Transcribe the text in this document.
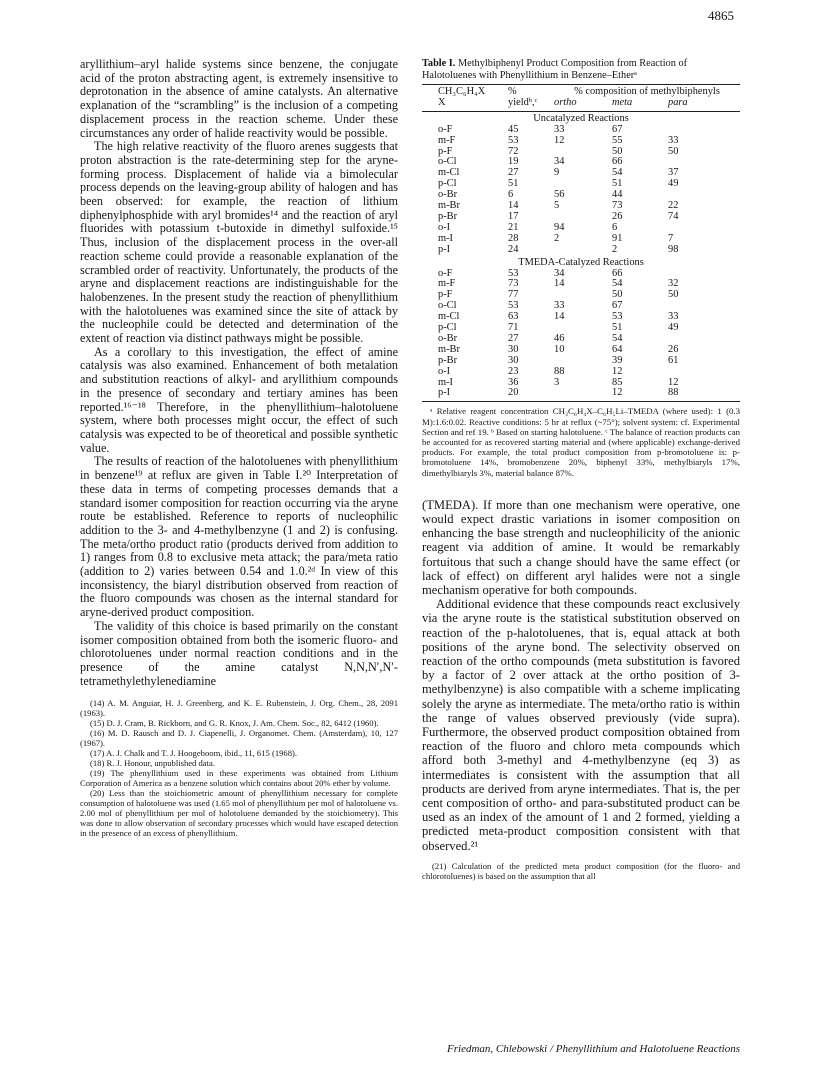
4865

aryllithium–aryl halide systems since benzene, the conjugate acid of the proton abstracting agent, is extremely insensitive to deprotonation in the absence of amine catalysts. An alternative explanation of the “scrambling” is the inclusion of a competing displacement process in the reaction scheme. Under these circumstances any order of halide reactivity would be possible.

The high relative reactivity of the fluoro arenes suggests that proton abstraction is the rate-determining step for the aryne-forming process. Displacement of halide via a bimolecular process depends on the leaving-group ability of halogen and has been observed: for example, the reaction of lithium diphenylphosphide with aryl bromides¹⁴ and the reaction of aryl fluorides with potassium t-butoxide in dimethyl sulfoxide.¹⁵ Thus, inclusion of the displacement process in the over-all reaction scheme could provide a reasonable explanation of the scrambled order of reactivity. Unfortunately, the products of the aryne and displacement reactions are indistinguishable for the halobenzenes. In the present study the reaction of phenyllithium with the halotoluenes was examined since the site of attack by the nucleophile could be detected and determination of the extent of reaction via distinct pathways might be possible.

As a corollary to this investigation, the effect of amine catalysis was also examined. Enhancement of both metalation and substitution reactions of alkyl- and aryllithium compounds in the presence of secondary and tertiary amines has been reported.¹⁶⁻¹⁸ Therefore, in the phenyllithium–halotoluene system, where both processes might occur, the effect of such catalysis was expected to be of theoretical and possible synthetic value.

The results of reaction of the halotoluenes with phenyllithium in benzene¹⁹ at reflux are given in Table I.²⁰ Interpretation of these data in terms of competing processes demands that a standard isomer composition for reaction occurring via the aryne route be established. Reference to reports of nucleophilic addition to the 3- and 4-methylbenzyne (1 and 2) is confusing. The meta/ortho product ratio (products derived from addition to 1) ranges from 0.8 to exclusive meta attack; the para/meta ratio (addition to 2) varies between 0.54 and 1.0.²ᵈ In view of this inconsistency, the biaryl distribution observed from reaction of the fluoro compounds was chosen as the internal standard for aryne-derived product composition.

The validity of this choice is based primarily on the constant isomer composition obtained from both the isomeric fluoro- and chlorotoluenes under normal reaction conditions and in the presence of the amine catalyst N,N,N′,N′-tetramethylethylenediamine

(14) A. M. Anguiar, H. J. Greenberg, and K. E. Rubenstein, J. Org. Chem., 28, 2091 (1963).

(15) D. J. Cram, B. Rickborn, and G. R. Knox, J. Am. Chem. Soc., 82, 6412 (1960).

(16) M. D. Rausch and D. J. Ciapenelli, J. Organomet. Chem. (Amsterdam), 10, 127 (1967).

(17) A. J. Chalk and T. J. Hoogeboom, ibid., 11, 615 (1968).

(18) R. J. Honour, unpublished data.

(19) The phenyllithium used in these experiments was obtained from Lithium Corporation of America as a benzene solution which contains about 20% ether by volume.

(20) Less than the stoichiometric amount of phenyllithium necessary for complete consumption of halotoluene was used (1.65 mol of phenyllithium per mol of halotoluene vs. 2.00 mol of phenyllithium per mol of halotoluene demanded by the stoichiometry). This was done to allow observation of secondary processes which would have escaped detection in the presence of an excess of phenyllithium.

Table I. Methylbiphenyl Product Composition from Reaction of Halotoluenes with Phenyllithium in Benzene–Etherᵃ

CH₃C₆H₄X	%	% composition of methylbiphenyls		
X	yieldᵇ,ᶜ	ortho	meta	para
Uncatalyzed Reactions				
o-F	45	33	67	
m-F	53	12	55	33
p-F	72		50	50
o-Cl	19	34	66	
m-Cl	27	9	54	37
p-Cl	51		51	49
o-Br	6	56	44	
m-Br	14	5	73	22
p-Br	17		26	74
o-I	21	94	6	
m-I	28	2	91	7
p-I	24		2	98
TMEDA-Catalyzed Reactions				
o-F	53	34	66	
m-F	73	14	54	32
p-F	77		50	50
o-Cl	53	33	67	
m-Cl	63	14	53	33
p-Cl	71		51	49
o-Br	27	46	54	
m-Br	30	10	64	26
p-Br	30		39	61
o-I	23	88	12	
m-I	36	3	85	12
p-I	20		12	88

ᵃ Relative reagent concentration CH₃C₆H₄X–C₆H₅Li–TMEDA (where used): 1 (0.3 M):1.6:0.02. Reactive conditions: 5 hr at reflux (~75°); solvent system: cf. Experimental Section and ref 19. ᵇ Based on starting halotoluene. ᶜ The balance of reaction products can be accounted for as recovered starting material and (where applicable) exchange-derived products. For example, the total product composition from p-bromotoluene is: p-bromotoluene 14%, bromobenzene 20%, biphenyl 33%, methylbiaryls 17%, dimethylbiaryls 3%, material balance 87%.

(TMEDA). If more than one mechanism were operative, one would expect drastic variations in isomer composition on enhancing the base strength and nucleophilicity of the anionic reagent via addition of amine. It would be remarkably fortuitous that such a change should have the same effect (or lack of effect) on different aryl halides were not a single mechanism operative for both compounds.

Additional evidence that these compounds react exclusively via the aryne route is the statistical substitution observed on reaction of the p-halotoluenes, that is, equal attack at both positions of the aryne bond. The selectivity observed on reaction of the ortho compounds (meta substitution is favored by a factor of 2 over attack at the ortho position of 3-methylbenzyne) is also compatible with a scheme implicating solely the aryne as intermediate. The meta/ortho ratio is within the range of values observed previously (vide supra). Furthermore, the observed product composition obtained from reaction of the fluoro and chloro meta compounds which afford both 3-methyl and 4-methylbenzyne (eq 3) as intermediates is consistent with the assumption that all products are derived from aryne intermediates. That is, the per cent composition of ortho- and para-substituted product can be used as an index of the amount of 1 and 2 formed, yielding a predicted meta-product composition consistent with that observed.²¹

(21) Calculation of the predicted meta product composition (for the fluoro- and chlorotoluenes) is based on the assumption that all

Friedman, Chlebowski / Phenyllithium and Halotoluene Reactions
